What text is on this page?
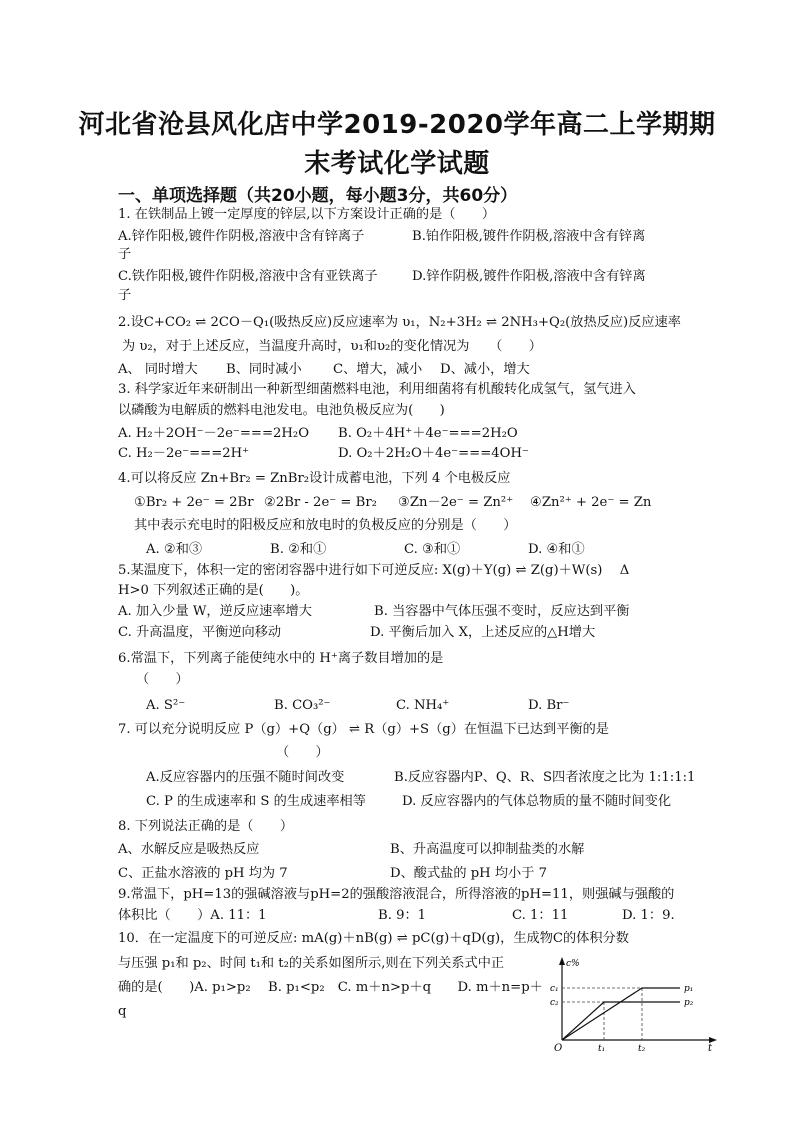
河北省沧县风化店中学2019-2020学年高二上学期期
末考试化学试题
一、单项选择题（共20小题，每小题3分，共60分）
1. 在铁制品上镀一定厚度的锌层,以下方案设计正确的是（　　）
A.锌作阳极,镀件作阴极,溶液中含有锌离子	B.铂作阳极,镀件作阴极,溶液中含有锌离
子
C.铁作阳极,镀件作阴极,溶液中含有亚铁离子	D.锌作阴极,镀件作阳极,溶液中含有锌离
子
2.设C+CO₂ ⇌ 2CO－Q₁(吸热反应)反应速率为 υ₁，N₂+3H₂ ⇌ 2NH₃+Q₂(放热反应)反应速率
为 υ₂，对于上述反应，当温度升高时，υ₁和υ₂的变化情况为　　（　　）
A、 同时增大 B、同时减小 C、增大，减小 D、减小，增大
3. 科学家近年来研制出一种新型细菌燃料电池，利用细菌将有机酸转化成氢气，氢气进入
以磷酸为电解质的燃料电池发电。电池负极反应为(　　)
A. H₂＋2OH⁻－2e⁻===2H₂O B. O₂＋4H⁺＋4e⁻===2H₂O
C. H₂－2e⁻===2H⁺	D. O₂＋2H₂O＋4e⁻===4OH⁻
4.可以将反应 Zn+Br₂ = ZnBr₂设计成蓄电池，下列 4 个电极反应
①Br₂ + 2e⁻ = 2Br ②2Br - 2e⁻ = Br₂ ③Zn－2e⁻ = Zn²⁺ ④Zn²⁺ + 2e⁻ = Zn
其中表示充电时的阳极反应和放电时的负极反应的分别是（　　）
A. ②和③	B. ②和①	C. ③和①	D. ④和①
5.某温度下，体积一定的密闭容器中进行如下可逆反应: X(g)＋Y(g) ⇌ Z(g)＋W(s)　 Δ
H>0 下列叙述正确的是(　　)。
A. 加入少量 W，逆反应速率增大	B. 当容器中气体压强不变时，反应达到平衡
C. 升高温度，平衡逆向移动	D. 平衡后加入 X，上述反应的△H增大
6.常温下，下列离子能使纯水中的 H⁺离子数目增加的是
（　　）
A. S²⁻	B. CO₃²⁻	C. NH₄⁺	D. Br⁻
7. 可以充分说明反应 P（g）+Q（g） ⇌ R（g）+S（g）在恒温下已达到平衡的是
（　　）
A.反应容器内的压强不随时间改变	B.反应容器内P、Q、R、S四者浓度之比为 1:1:1:1
C. P 的生成速率和 S 的生成速率相等	D. 反应容器内的气体总物质的量不随时间变化
8. 下列说法正确的是（　　）
A、水解反应是吸热反应	B、升高温度可以抑制盐类的水解
C、正盐水溶液的 pH 均为 7	D、酸式盐的 pH 均小于 7
9.常温下，pH=13的强碱溶液与pH=2的强酸溶液混合，所得溶液的pH=11，则强碱与强酸的
体积比（　　）A. 11：1	B. 9：1	C. 1：11	D. 1：9.
10．在一定温度下的可逆反应: mA(g)＋nB(g) ⇌ pC(g)＋qD(g)，生成物C的体积分数
与压强 p₁和 p₂、时间 t₁和 t₂的关系如图所示,则在下列关系式中正
确的是(　　)A. p₁>p₂　 B. p₁<p₂　C. m＋n>p＋q　　D. m＋n=p＋
q
c%
c₁
c₂
O	t₁	t₂	t
p₁
p₂
